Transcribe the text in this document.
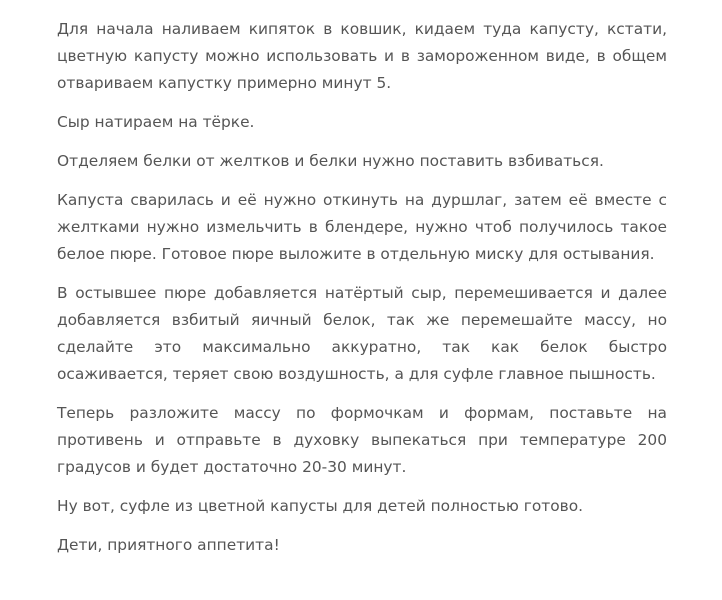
Для начала наливаем кипяток в ковшик, кидаем туда капусту, кстати, цветную капусту можно использовать и в замороженном виде, в общем отвариваем капустку примерно минут 5.

Сыр натираем на тёрке.

Отделяем белки от желтков и белки нужно поставить взбиваться.

Капуста сварилась и её нужно откинуть на дуршлаг, затем её вместе с желтками нужно измельчить в блендере, нужно чтоб получилось такое белое пюре. Готовое пюре выложите в отдельную миску для остывания.

В остывшее пюре добавляется натёртый сыр, перемешивается и далее добавляется взбитый яичный белок, так же перемешайте массу, но сделайте это максимально аккуратно, так как белок быстро осаживается, теряет свою воздушность, а для суфле главное пышность.

Теперь разложите массу по формочкам и формам, поставьте на противень и отправьте в духовку выпекаться при температуре 200 градусов и будет достаточно 20-30 минут.

Ну вот, суфле из цветной капусты для детей полностью готово.

Дети, приятного аппетита!
